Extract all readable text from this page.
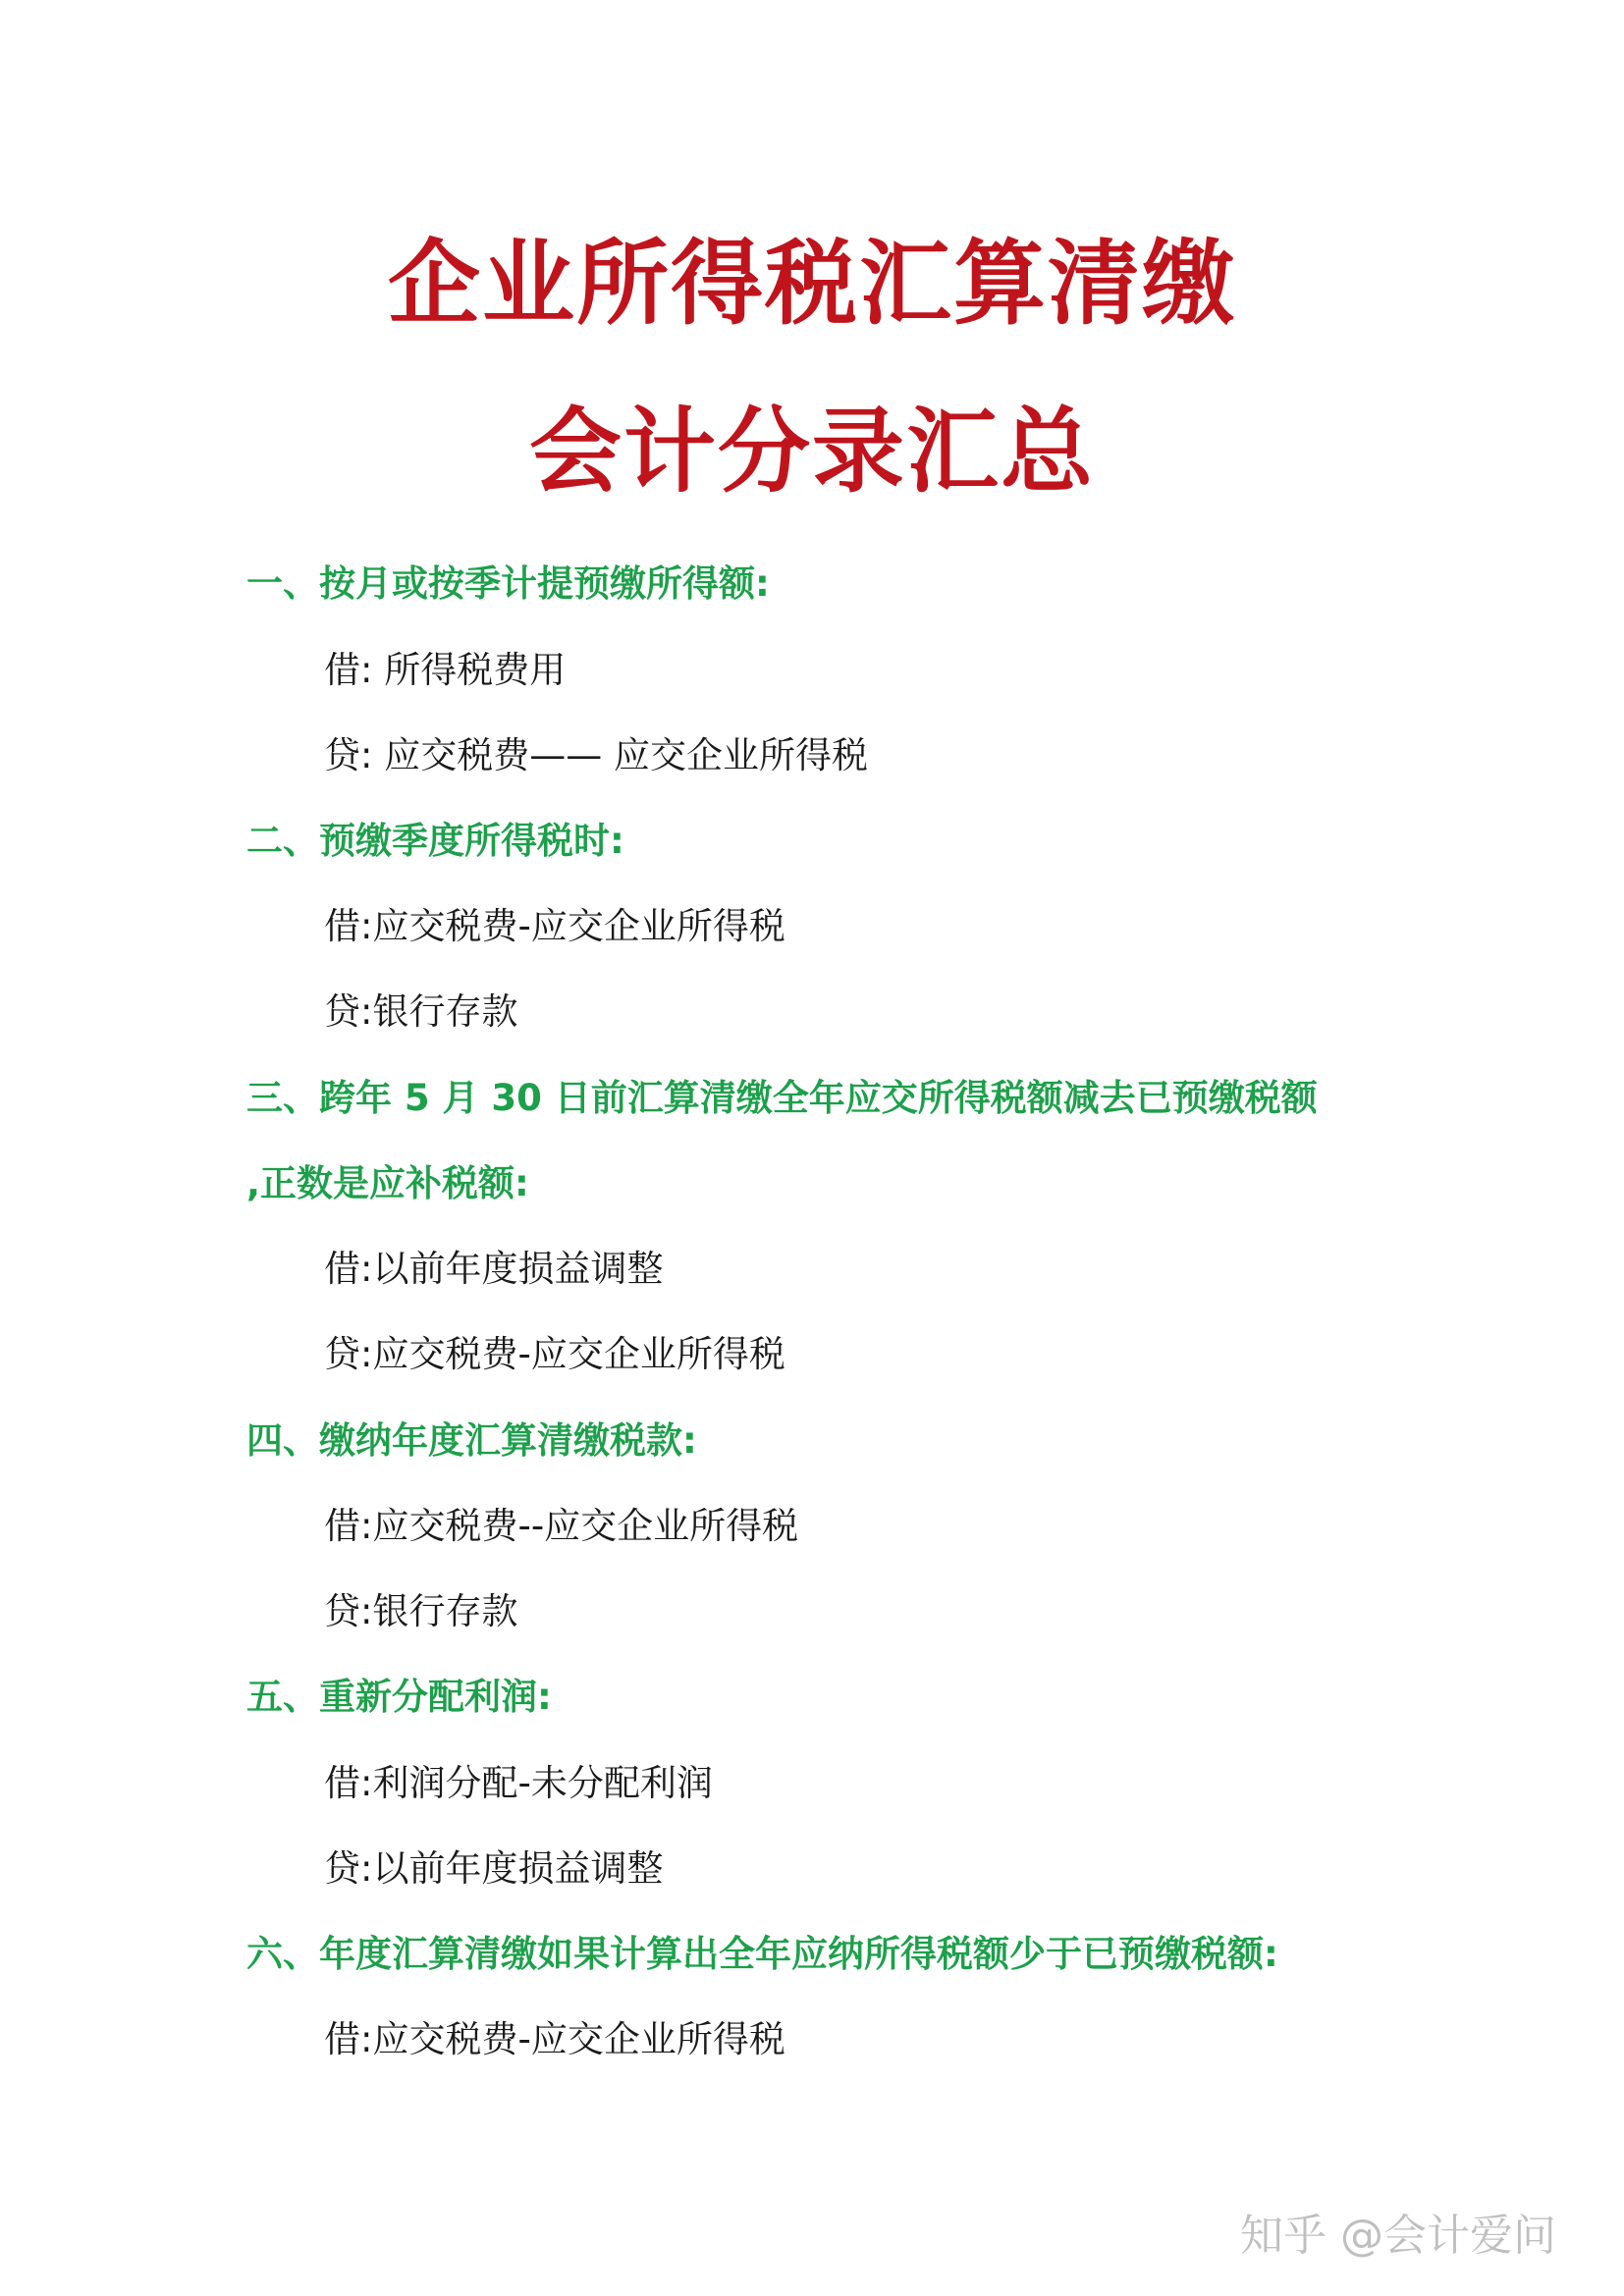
企业所得税汇算清缴
会计分录汇总
一、按月或按季计提预缴所得额:
借: 所得税费用
贷: 应交税费—— 应交企业所得税
二、预缴季度所得税时:
借:应交税费-应交企业所得税
贷:银行存款
三、跨年 5 月 30 日前汇算清缴全年应交所得税额减去已预缴税额
,正数是应补税额:
借:以前年度损益调整
贷:应交税费-应交企业所得税
四、缴纳年度汇算清缴税款:
借:应交税费--应交企业所得税
贷:银行存款
五、重新分配利润:
借:利润分配-未分配利润
贷:以前年度损益调整
六、年度汇算清缴如果计算出全年应纳所得税额少于已预缴税额:
借:应交税费-应交企业所得税
知乎 @会计爱问
